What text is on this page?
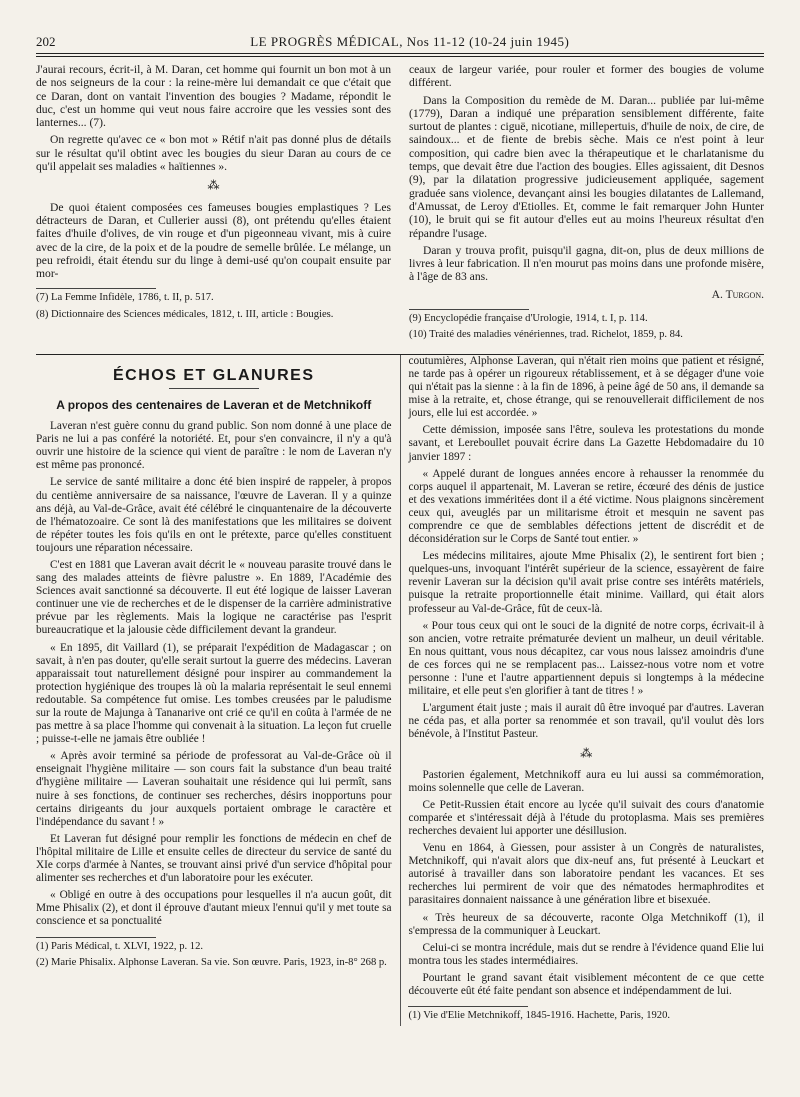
202	LE PROGRÈS MÉDICAL, Nos 11-12 (10-24 juin 1945)

J'aurai recours, écrit-il, à M. Daran, cet homme qui fournit un bon mot à un de nos seigneurs de la cour : la reine-mère lui demandait ce que c'était que ce Daran, dont on vantait l'invention des bougies ? Madame, répondit le duc, c'est un homme qui veut nous faire accroire que les vessies sont des lanternes... (7).

On regrette qu'avec ce « bon mot » Rétif n'ait pas donné plus de détails sur le résultat qu'il obtint avec les bougies du sieur Daran au cours de ce qu'il appelait ses maladies « haïtiennes ».

⁂

De quoi étaient composées ces fameuses bougies emplastiques ? Les détracteurs de Daran, et Cullerier aussi (8), ont prétendu qu'elles étaient faites d'huile d'olives, de vin rouge et d'un pigeonneau vivant, mis à cuire avec de la cire, de la poix et de la poudre de semelle brûlée. Le mélange, un peu refroidi, était étendu sur du linge à demi-usé qu'on coupait ensuite par mor-

(7) La Femme Infidèle, 1786, t. II, p. 517.

(8) Dictionnaire des Sciences médicales, 1812, t. III, article : Bougies.

ceaux de largeur variée, pour rouler et former des bougies de volume différent.

Dans la Composition du remède de M. Daran... publiée par lui-même (1779), Daran a indiqué une préparation sensiblement différente, faite surtout de plantes : ciguë, nicotiane, millepertuis, d'huile de noix, de cire, de saindoux... et de fiente de brebis sèche. Mais ce n'est point à leur composition, qui cadre bien avec la thérapeutique et le charlatanisme du temps, que devait être due l'action des bougies. Elles agissaient, dit Desnos (9), par la dilatation progressive judicieusement appliquée, sagement graduée sans violence, devançant ainsi les bougies dilatantes de Lallemand, d'Amussat, de Leroy d'Etiolles. Et, comme le fait remarquer John Hunter (10), le bruit qui se fit autour d'elles eut au moins l'heureux résultat d'en répandre l'usage.

Daran y trouva profit, puisqu'il gagna, dit-on, plus de deux millions de livres à leur fabrication. Il n'en mourut pas moins dans une profonde misère, à l'âge de 83 ans.

A. Turgon.

(9) Encyclopédie française d'Urologie, 1914, t. I, p. 114.

(10) Traité des maladies vénériennes, trad. Richelot, 1859, p. 84.

ÉCHOS ET GLANURES
A propos des centenaires de Laveran et de Metchnikoff

Laveran n'est guère connu du grand public. Son nom donné à une place de Paris ne lui a pas conféré la notoriété. Et, pour s'en convaincre, il n'y a qu'à ouvrir une histoire de la science qui vient de paraître : le nom de Laveran n'y est même pas prononcé.

Le service de santé militaire a donc été bien inspiré de rappeler, à propos du centième anniversaire de sa naissance, l'œuvre de Laveran. Il y a quinze ans déjà, au Val-de-Grâce, avait été célébré le cinquantenaire de la découverte de l'hématozoaire. Ce sont là des manifestations que les militaires se doivent de répéter toutes les fois qu'ils en ont le prétexte, parce qu'elles constituent toujours une réparation nécessaire.

C'est en 1881 que Laveran avait décrit le « nouveau parasite trouvé dans le sang des malades atteints de fièvre palustre ». En 1889, l'Académie des Sciences avait sanctionné sa découverte. Il eut été logique de laisser Laveran continuer une vie de recherches et de le dispenser de la carrière administrative prévue par les règlements. Mais la logique ne caractérise pas l'esprit bureaucratique et la jalousie cède difficilement devant la grandeur.

« En 1895, dit Vaillard (1), se préparait l'expédition de Madagascar ; on savait, à n'en pas douter, qu'elle serait surtout la guerre des médecins. Laveran apparaissait tout naturellement désigné pour inspirer au commandement la protection hygiénique des troupes là où la malaria représentait le seul ennemi redoutable. Sa compétence fut omise. Les tombes creusées par le paludisme sur la route de Majunga à Tananarive ont crié ce qu'il en coûta à l'armée de ne pas mettre à sa place l'homme qui convenait à la situation. La leçon fut cruelle ; puisse-t-elle ne jamais être oubliée !

« Après avoir terminé sa période de professorat au Val-de-Grâce où il enseignait l'hygiène militaire — son cours fait la substance d'un beau traité d'hygiène militaire — Laveran souhaitait une résidence qui lui permît, sans nuire à ses fonctions, de continuer ses recherches, désirs inopportuns pour certains dirigeants du jour auxquels portaient ombrage le caractère et l'indépendance du savant ! »

Et Laveran fut désigné pour remplir les fonctions de médecin en chef de l'hôpital militaire de Lille et ensuite celles de directeur du service de santé du XIe corps d'armée à Nantes, se trouvant ainsi privé d'un service d'hôpital pour alimenter ses recherches et d'un laboratoire pour les exécuter.

« Obligé en outre à des occupations pour lesquelles il n'a aucun goût, dit Mme Phisalix (2), et dont il éprouve d'autant mieux l'ennui qu'il y met toute sa conscience et sa ponctualité

(1) Paris Médical, t. XLVI, 1922, p. 12.

(2) Marie Phisalix. Alphonse Laveran. Sa vie. Son œuvre. Paris, 1923, in-8° 268 p.

coutumières, Alphonse Laveran, qui n'était rien moins que patient et résigné, ne tarde pas à opérer un rigoureux rétablissement, et à se dégager d'une voie qui n'était pas la sienne : à la fin de 1896, à peine âgé de 50 ans, il demande sa mise à la retraite, et, chose étrange, qui se renouvellerait difficilement de nos jours, elle lui est accordée. »

Cette démission, imposée sans l'être, souleva les protestations du monde savant, et Lereboullet pouvait écrire dans La Gazette Hebdomadaire du 10 janvier 1897 :

« Appelé durant de longues années encore à rehausser la renommée du corps auquel il appartenait, M. Laveran se retire, écœuré des dénis de justice et des vexations imméritées dont il a été victime. Nous plaignons sincèrement ceux qui, aveuglés par un militarisme étroit et mesquin ne savent pas comprendre ce que de semblables défections jettent de discrédit et de déconsidération sur le Corps de Santé tout entier. »

Les médecins militaires, ajoute Mme Phisalix (2), le sentirent fort bien ; quelques-uns, invoquant l'intérêt supérieur de la science, essayèrent de faire revenir Laveran sur la décision qu'il avait prise contre ses intérêts matériels, puisque la retraite proportionnelle était minime. Vaillard, qui était alors professeur au Val-de-Grâce, fût de ceux-là.

« Pour tous ceux qui ont le souci de la dignité de notre corps, écrivait-il à son ancien, votre retraite prématurée devient un malheur, un deuil véritable. En nous quittant, vous nous décapitez, car vous nous laissez amoindris d'une de ces forces qui ne se remplacent pas... Laissez-nous votre nom et votre personne : l'une et l'autre appartiennent depuis si longtemps à la médecine militaire, et elle peut s'en glorifier à tant de titres ! »

L'argument était juste ; mais il aurait dû être invoqué par d'autres. Laveran ne céda pas, et alla porter sa renommée et son travail, qu'il voulut dès lors bénévole, à l'Institut Pasteur.

⁂

Pastorien également, Metchnikoff aura eu lui aussi sa commémoration, moins solennelle que celle de Laveran.

Ce Petit-Russien était encore au lycée qu'il suivait des cours d'anatomie comparée et s'intéressait déjà à l'étude du protoplasma. Mais ses premières recherches devaient lui apporter une désillusion.

Venu en 1864, à Giessen, pour assister à un Congrès de naturalistes, Metchnikoff, qui n'avait alors que dix-neuf ans, fut présenté à Leuckart et autorisé à travailler dans son laboratoire pendant les vacances. Et ses recherches lui permirent de voir que des nématodes hermaphrodites et parasitaires donnaient naissance à une génération libre et bisexuée.

« Très heureux de sa découverte, raconte Olga Metchnikoff (1), il s'empressa de la communiquer à Leuckart.

Celui-ci se montra incrédule, mais dut se rendre à l'évidence quand Elie lui montra tous les stades intermédiaires.

Pourtant le grand savant était visiblement mécontent de ce que cette découverte eût été faite pendant son absence et indépendamment de lui.

(1) Vie d'Elie Metchnikoff, 1845-1916. Hachette, Paris, 1920.
